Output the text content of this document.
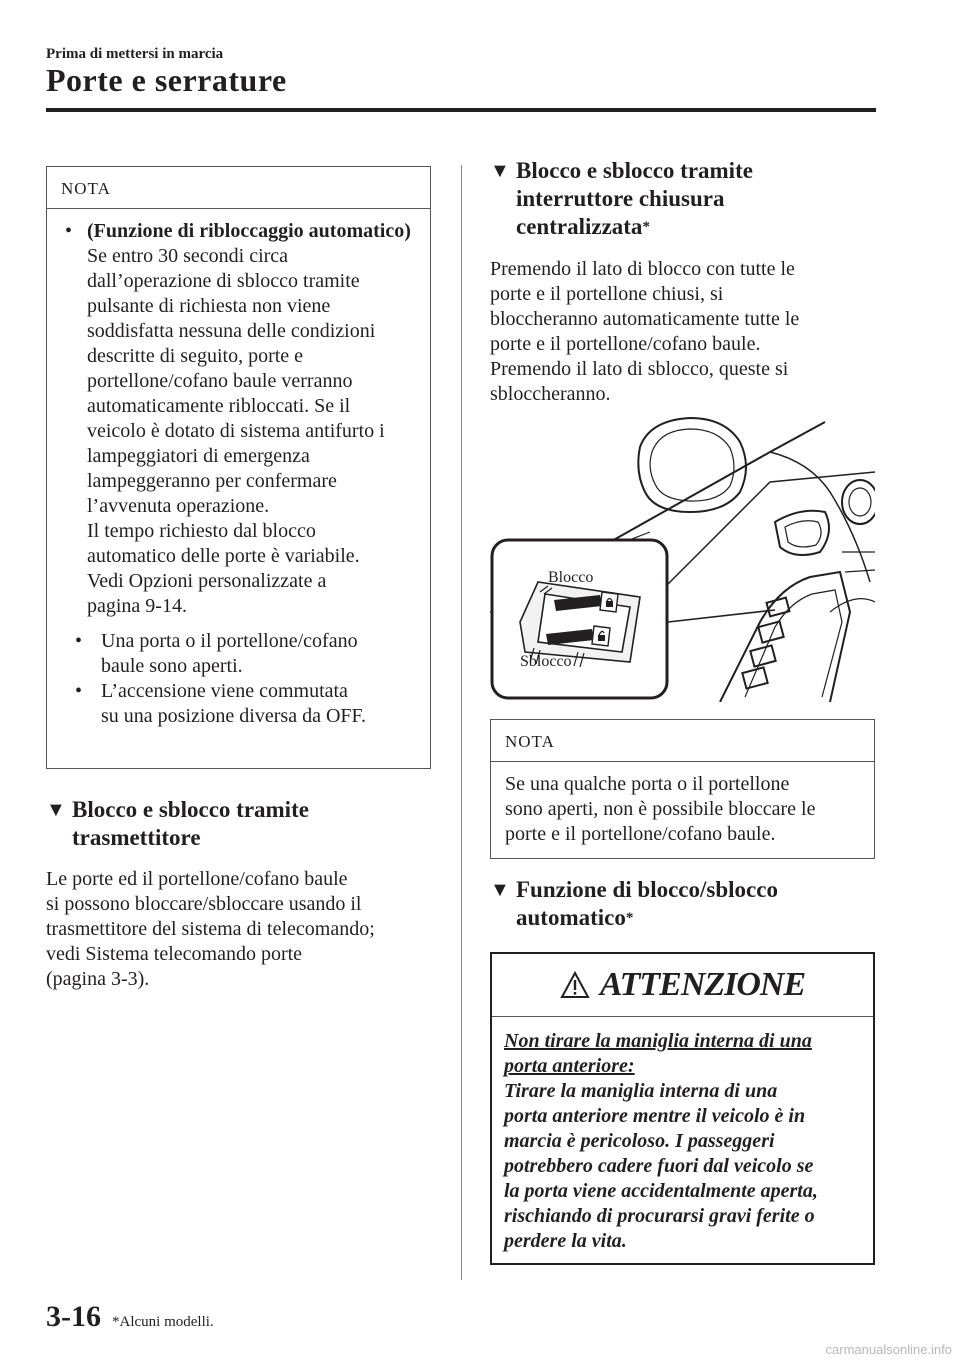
Prima di mettersi in marcia
Porte e serrature
NOTA
• (Funzione di ribloccaggio automatico)
Se entro 30 secondi circa
dall’operazione di sblocco tramite
pulsante di richiesta non viene
soddisfatta nessuna delle condizioni
descritte di seguito, porte e
portellone/cofano baule verranno
automaticamente ribloccati. Se il
veicolo è dotato di sistema antifurto i
lampeggiatori di emergenza
lampeggeranno per confermare
l’avvenuta operazione.
Il tempo richiesto dal blocco
automatico delle porte è variabile.
Vedi Opzioni personalizzate a
pagina 9-14.
• Una porta o il portellone/cofano
baule sono aperti.
• L’accensione viene commutata
su una posizione diversa da OFF.
▼ Blocco e sblocco tramite
trasmettitore
Le porte ed il portellone/cofano baule
si possono bloccare/sbloccare usando il
trasmettitore del sistema di telecomando;
vedi Sistema telecomando porte
(pagina 3-3).
▼ Blocco e sblocco tramite
interruttore chiusura
centralizzata*
Premendo il lato di blocco con tutte le
porte e il portellone chiusi, si
bloccheranno automaticamente tutte le
porte e il portellone/cofano baule.
Premendo il lato di sblocco, queste si
sbloccheranno.
Blocco
Sblocco
NOTA
Se una qualche porta o il portellone
sono aperti, non è possibile bloccare le
porte e il portellone/cofano baule.
▼ Funzione di blocco/sblocco
automatico*
ATTENZIONE
Non tirare la maniglia interna di una
porta anteriore:
Tirare la maniglia interna di una
porta anteriore mentre il veicolo è in
marcia è pericoloso. I passeggeri
potrebbero cadere fuori dal veicolo se
la porta viene accidentalmente aperta,
rischiando di procurarsi gravi ferite o
perdere la vita.
3-16 *Alcuni modelli.
carmanualsonline.info
